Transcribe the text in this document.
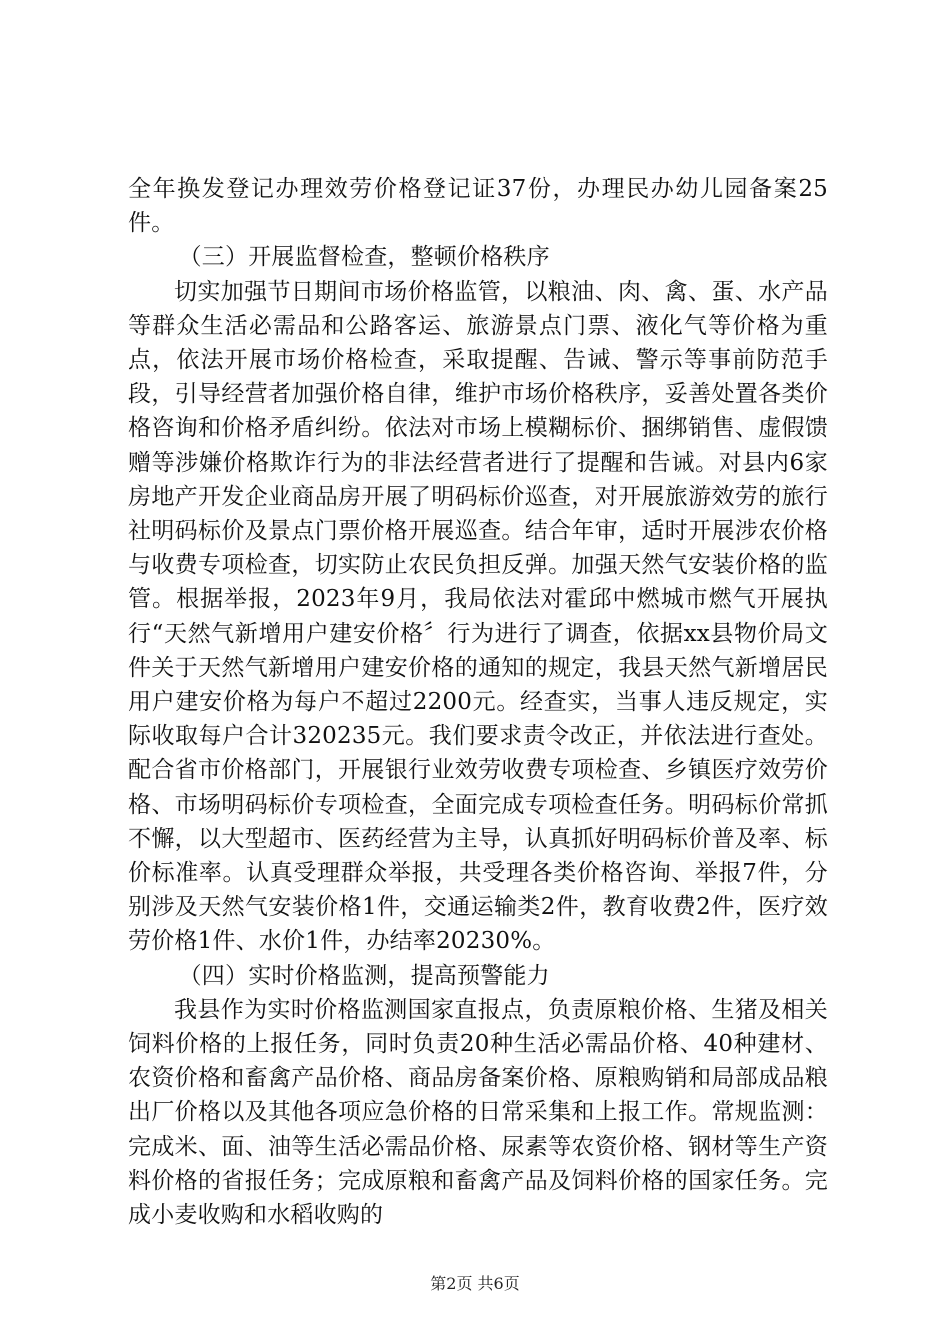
全年换发登记办理效劳价格登记证37份，办理民办幼儿园备案25件。

（三）开展监督检查，整顿价格秩序

切实加强节日期间市场价格监管，以粮油、肉、禽、蛋、水产品等群众生活必需品和公路客运、旅游景点门票、液化气等价格为重点，依法开展市场价格检查，采取提醒、告诫、警示等事前防范手段，引导经营者加强价格自律，维护市场价格秩序，妥善处置各类价格咨询和价格矛盾纠纷。依法对市场上模糊标价、捆绑销售、虚假馈赠等涉嫌价格欺诈行为的非法经营者进行了提醒和告诫。对县内6家房地产开发企业商品房开展了明码标价巡查，对开展旅游效劳的旅行社明码标价及景点门票价格开展巡查。结合年审，适时开展涉农价格与收费专项检查，切实防止农民负担反弹。加强天然气安装价格的监管。根据举报，2023年9月，我局依法对霍邱中燃城市燃气开展执行“天然气新增用户建安价格〞行为进行了调查，依据xx县物价局文件关于天然气新增用户建安价格的通知的规定，我县天然气新增居民用户建安价格为每户不超过2200元。经查实，当事人违反规定，实际收取每户合计320235元。我们要求责令改正，并依法进行查处。配合省市价格部门，开展银行业效劳收费专项检查、乡镇医疗效劳价格、市场明码标价专项检查，全面完成专项检查任务。明码标价常抓不懈，以大型超市、医药经营为主导，认真抓好明码标价普及率、标价标准率。认真受理群众举报，共受理各类价格咨询、举报7件，分别涉及天然气安装价格1件，交通运输类2件，教育收费2件，医疗效劳价格1件、水价1件，办结率20230%。

（四）实时价格监测，提高预警能力

我县作为实时价格监测国家直报点，负责原粮价格、生猪及相关饲料价格的上报任务，同时负责20种生活必需品价格、40种建材、农资价格和畜禽产品价格、商品房备案价格、原粮购销和局部成品粮出厂价格以及其他各项应急价格的日常采集和上报工作。常规监测：完成米、面、油等生活必需品价格、尿素等农资价格、钢材等生产资料价格的省报任务；完成原粮和畜禽产品及饲料价格的国家任务。完成小麦收购和水稻收购的

第2页 共6页
